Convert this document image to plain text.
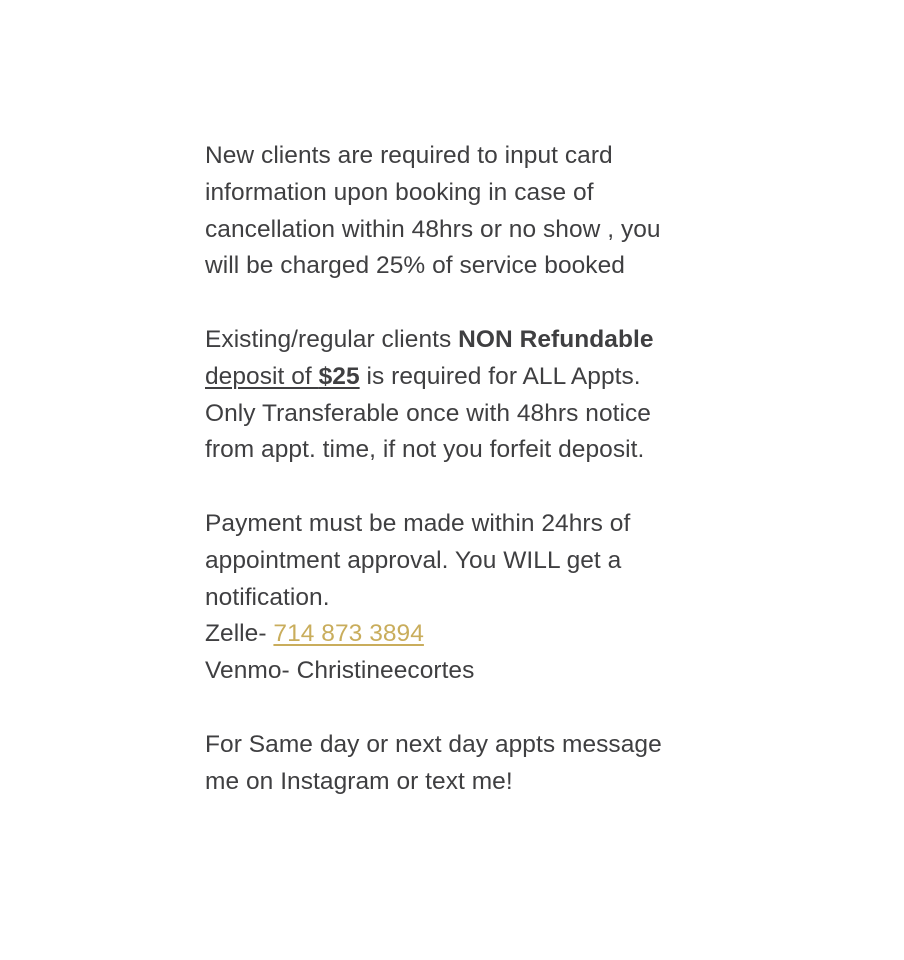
New clients are required to input card
information upon booking in case of
cancellation within 48hrs or no show , you
will be charged 25% of service booked
Existing/regular clients NON Refundable
deposit of $25 is required for ALL Appts.
Only Transferable once with 48hrs notice
from appt. time, if not you forfeit deposit.
Payment must be made within 24hrs of
appointment approval. You WILL get a
notification.
Zelle- 714 873 3894
Venmo- Christineecortes
For Same day or next day appts message
me on Instagram or text me!
